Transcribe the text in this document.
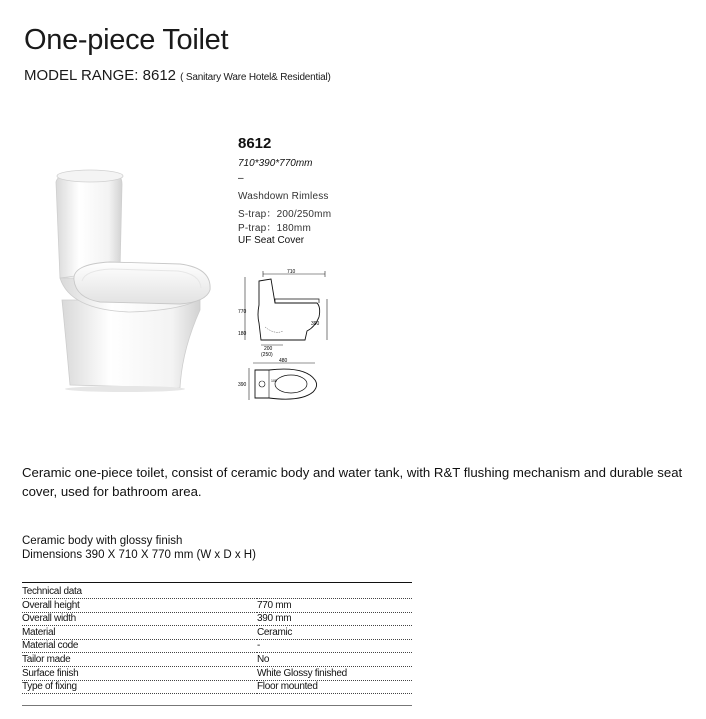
One-piece Toilet
MODEL RANGE: 8612 ( Sanitary Ware Hotel& Residential)
8612
710*390*770mm
–
Washdown Rimless
S-trap：200/250mm
P-trap：180mm
UF Seat Cover
710
770
180
390
200
(250)
480
390
100
Ceramic one-piece toilet, consist of ceramic body and water tank, with R&T flushing mechanism and durable seat cover, used for bathroom area.
Ceramic body with glossy finish
Dimensions 390 X 710 X 770 mm (W x D x H)
Technical data	
Overall height	770 mm
Overall width	390 mm
Material	Ceramic
Material code	-
Tailor made	No
Surface finish	White Glossy finished
Type of fixing	Floor mounted
